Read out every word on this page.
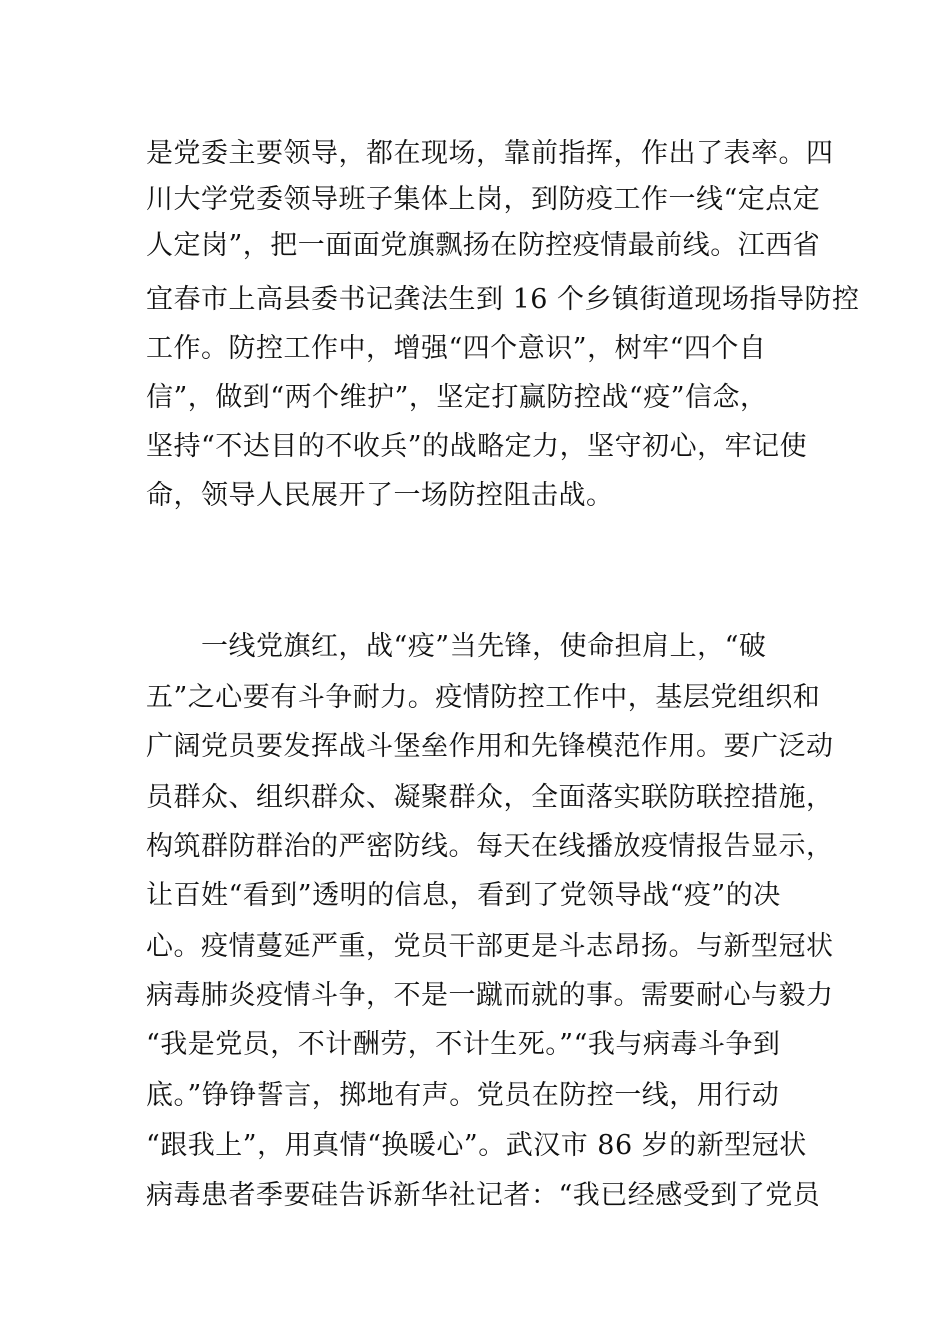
是党委主要领导，都在现场，靠前指挥，作出了表率。四
川大学党委领导班子集体上岗，到防疫工作一线“定点定
人定岗”，把一面面党旗飘扬在防控疫情最前线。江西省
宜春市上高县委书记龚法生到 16 个乡镇街道现场指导防控
工作。防控工作中，增强“四个意识”，树牢“四个自
信”，做到“两个维护”，坚定打赢防控战“疫”信念，
坚持“不达目的不收兵”的战略定力，坚守初心，牢记使
命，领导人民展开了一场防控阻击战。
一线党旗红，战“疫”当先锋，使命担肩上，“破
五”之心要有斗争耐力。疫情防控工作中，基层党组织和
广阔党员要发挥战斗堡垒作用和先锋模范作用。要广泛动
员群众、组织群众、凝聚群众，全面落实联防联控措施，
构筑群防群治的严密防线。每天在线播放疫情报告显示，
让百姓“看到”透明的信息，看到了党领导战“疫”的决
心。疫情蔓延严重，党员干部更是斗志昂扬。与新型冠状
病毒肺炎疫情斗争，不是一蹴而就的事。需要耐心与毅力
“我是党员，不计酬劳，不计生死。”“我与病毒斗争到
底。”铮铮誓言，掷地有声。党员在防控一线，用行动
“跟我上”，用真情“换暖心”。武汉市 86 岁的新型冠状
病毒患者季要硅告诉新华社记者：“我已经感受到了党员
